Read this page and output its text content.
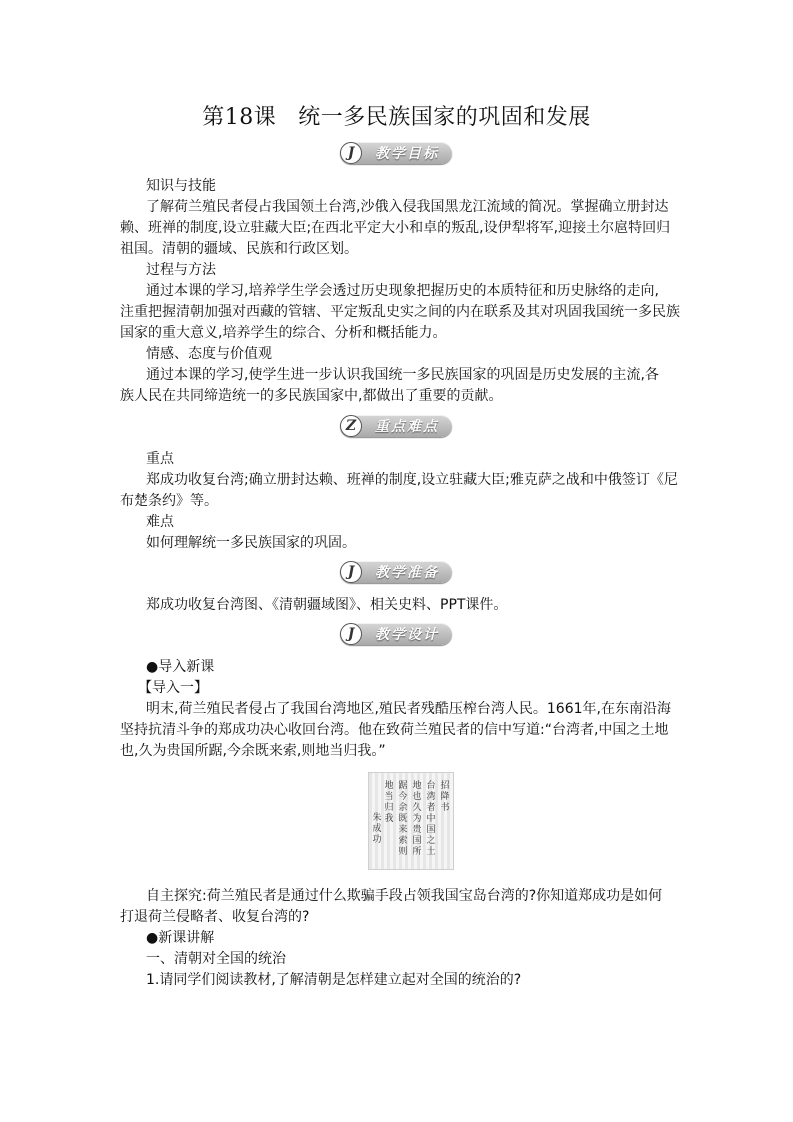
第18课 统一多民族国家的巩固和发展
J	教学目标

知识与技能

了解荷兰殖民者侵占我国领土台湾,沙俄入侵我国黑龙江流域的简况。掌握确立册封达

赖、班禅的制度,设立驻藏大臣;在西北平定大小和卓的叛乱,设伊犁将军,迎接土尔扈特回归

祖国。清朝的疆域、民族和行政区划。

过程与方法

通过本课的学习,培养学生学会透过历史现象把握历史的本质特征和历史脉络的走向,

注重把握清朝加强对西藏的管辖、平定叛乱史实之间的内在联系及其对巩固我国统一多民族

国家的重大意义,培养学生的综合、分析和概括能力。

情感、态度与价值观

通过本课的学习,使学生进一步认识我国统一多民族国家的巩固是历史发展的主流,各

族人民在共同缔造统一的多民族国家中,都做出了重要的贡献。

Z	重点难点

重点

郑成功收复台湾;确立册封达赖、班禅的制度,设立驻藏大臣;雅克萨之战和中俄签订《尼

布楚条约》等。

难点

如何理解统一多民族国家的巩固。

J	教学准备

郑成功收复台湾图、《清朝疆域图》、相关史料、PPT课件。

J	教学设计

●导入新课

【导入一】

明末,荷兰殖民者侵占了我国台湾地区,殖民者残酷压榨台湾人民。1661年,在东南沿海

坚持抗清斗争的郑成功决心收回台湾。他在致荷兰殖民者的信中写道:“台湾者,中国之土地

也,久为贵国所踞,今余既来索,则地当归我。”

招降书
台湾者中国之土
地也久为贵国所
踞今余既来索则
地当归我
朱成功

自主探究:荷兰殖民者是通过什么欺骗手段占领我国宝岛台湾的?你知道郑成功是如何

打退荷兰侵略者、收复台湾的?

●新课讲解

一、清朝对全国的统治

1.请同学们阅读教材,了解清朝是怎样建立起对全国的统治的?
